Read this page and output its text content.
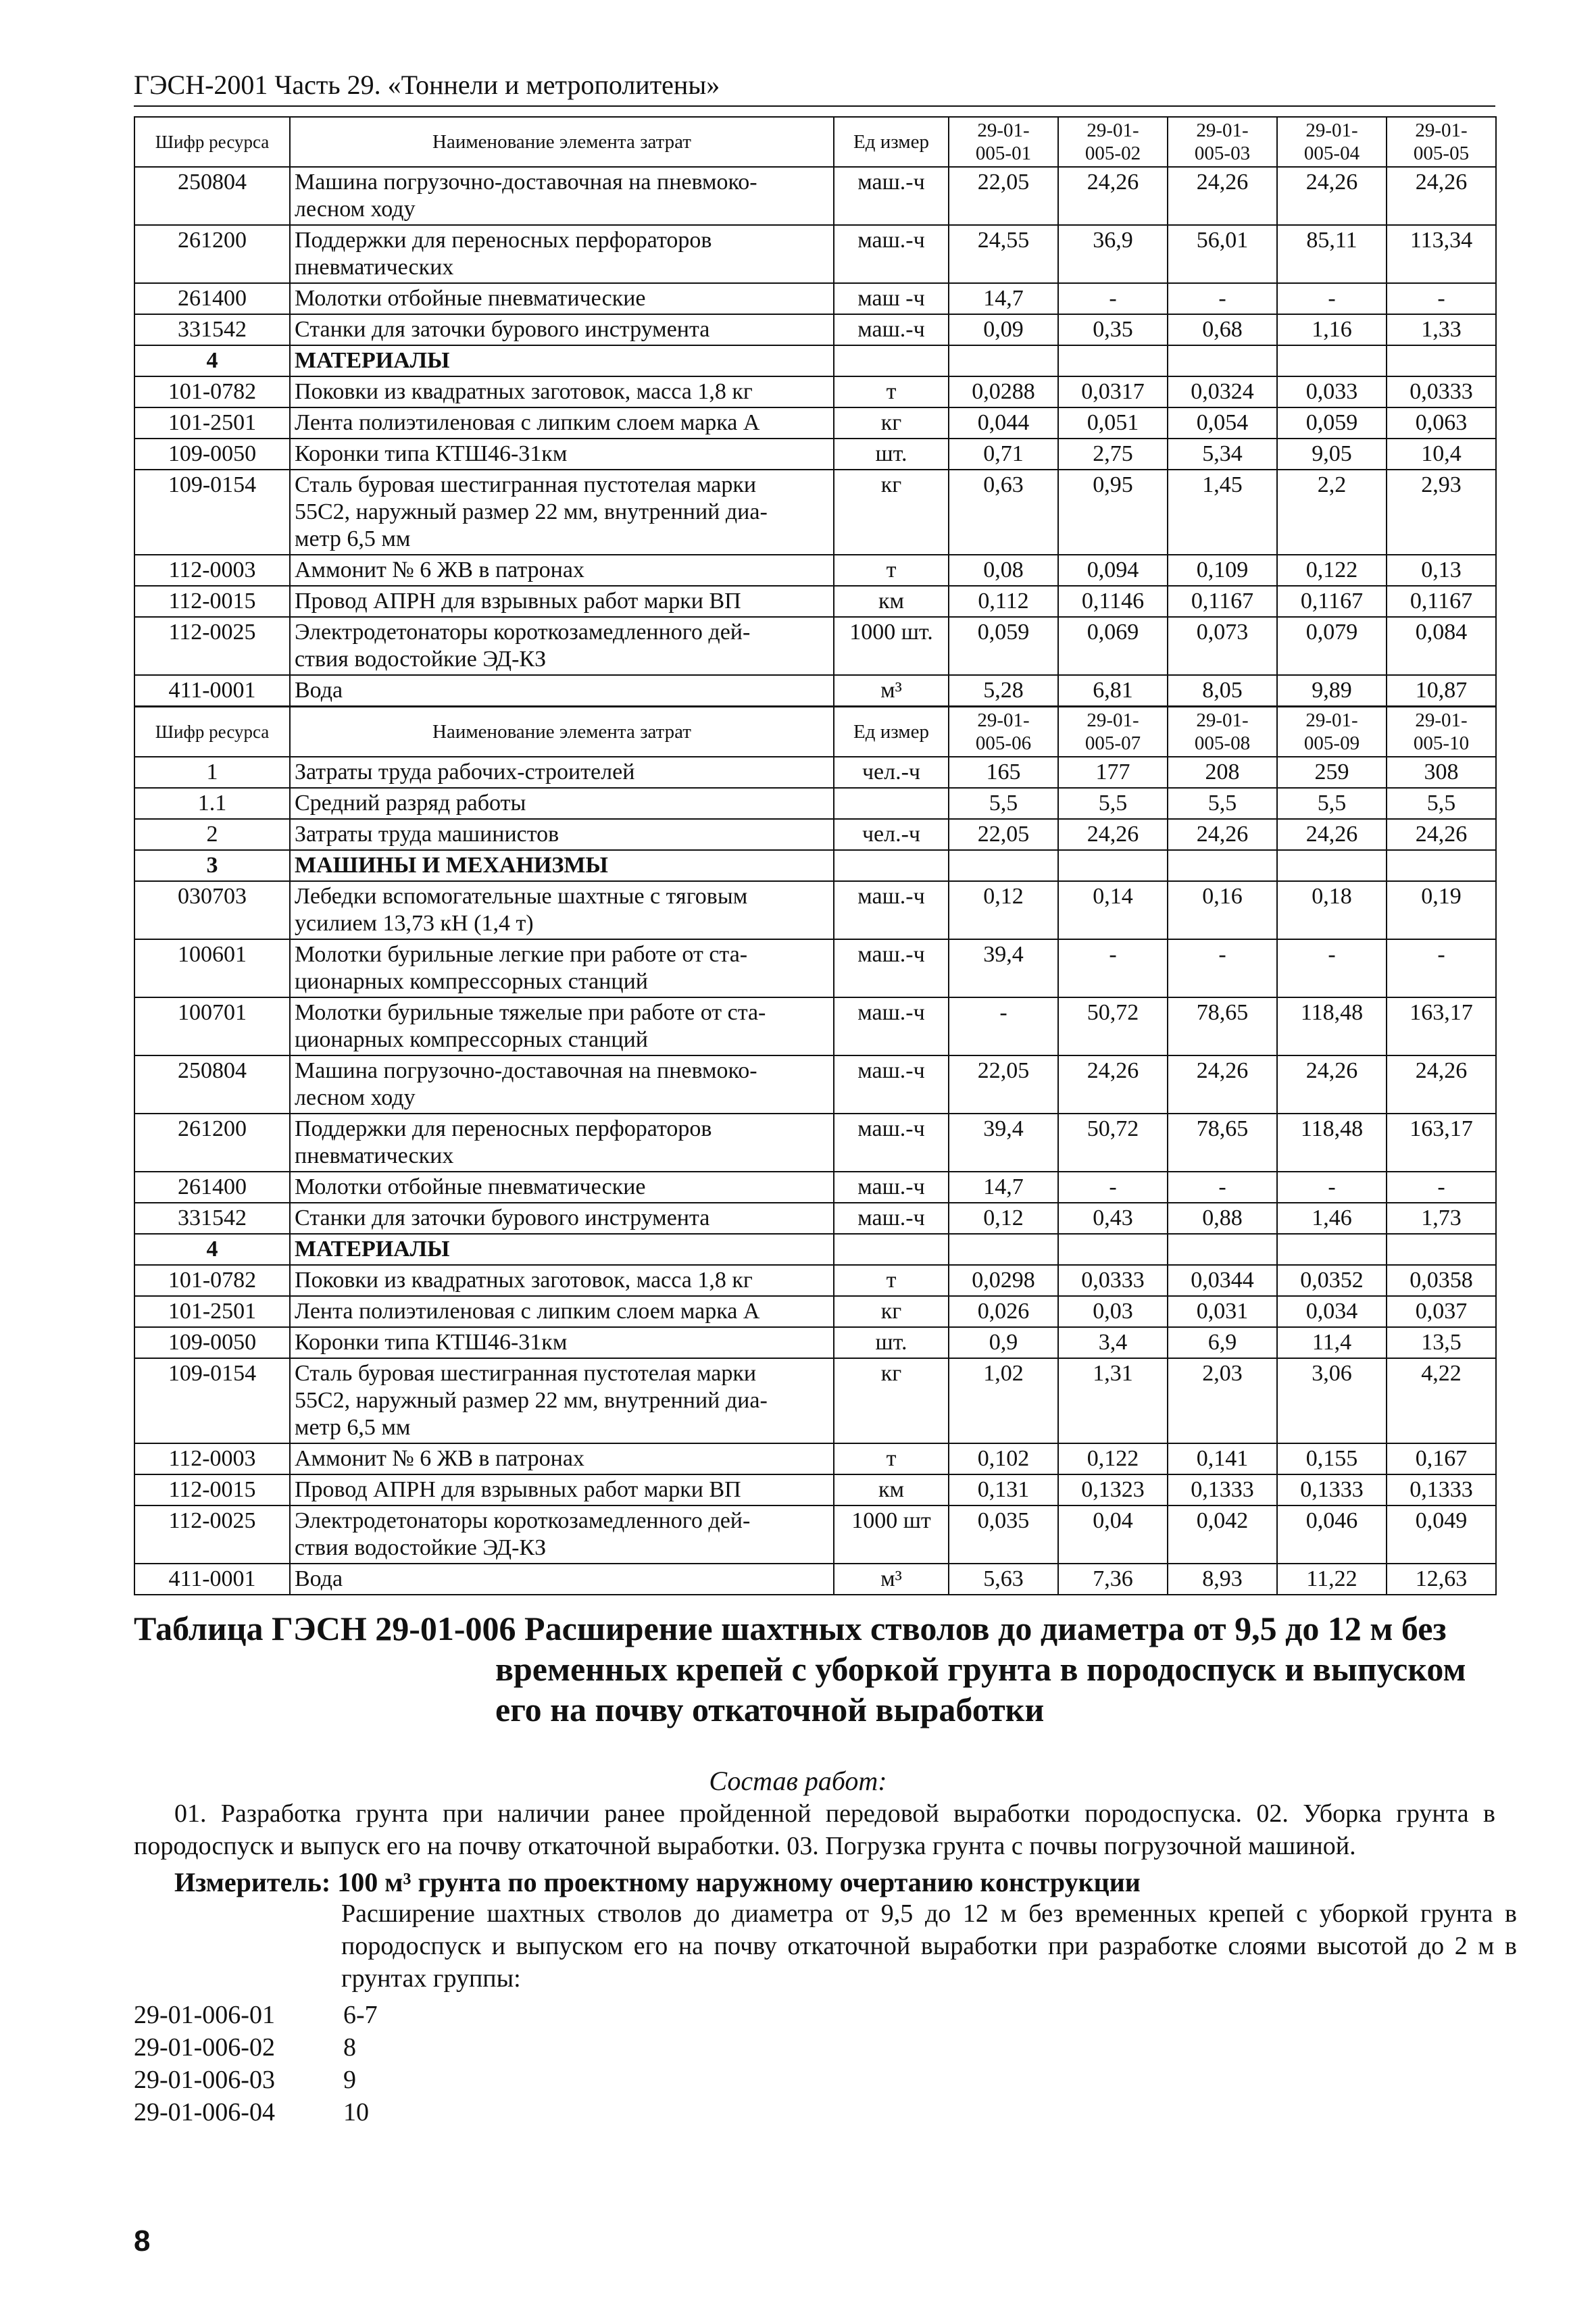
ГЭСН-2001 Часть 29. «Тоннели и метрополитены»
Шифр ресурса	Наименование элемента затрат	Ед измер	29-01-
005-01	29-01-
005-02	29-01-
005-03	29-01-
005-04	29-01-
005-05
250804	Машина погрузочно-доставочная на пневмоко-
лесном ходу	маш.-ч	22,05	24,26	24,26	24,26	24,26
261200	Поддержки для переносных перфораторов
пневматических	маш.-ч	24,55	36,9	56,01	85,11	113,34
261400	Молотки отбойные пневматические	маш -ч	14,7	-	-	-	-
331542	Станки для заточки бурового инструмента	маш.-ч	0,09	0,35	0,68	1,16	1,33
4	МАТЕРИАЛЫ						
101-0782	Поковки из квадратных заготовок, масса 1,8 кг	т	0,0288	0,0317	0,0324	0,033	0,0333
101-2501	Лента полиэтиленовая с липким слоем марка А	кг	0,044	0,051	0,054	0,059	0,063
109-0050	Коронки типа КТШ46-31км	шт.	0,71	2,75	5,34	9,05	10,4
109-0154	Сталь буровая шестигранная пустотелая марки
55С2, наружный размер 22 мм, внутренний диа-
метр 6,5 мм	кг	0,63	0,95	1,45	2,2	2,93
112-0003	Аммонит № 6 ЖВ в патронах	т	0,08	0,094	0,109	0,122	0,13
112-0015	Провод АПРН для взрывных работ марки ВП	км	0,112	0,1146	0,1167	0,1167	0,1167
112-0025	Электродетонаторы короткозамедленного дей-
ствия водостойкие ЭД-КЗ	1000 шт.	0,059	0,069	0,073	0,079	0,084
411-0001	Вода	м³	5,28	6,81	8,05	9,89	10,87
Шифр ресурса	Наименование элемента затрат	Ед измер	29-01-
005-06	29-01-
005-07	29-01-
005-08	29-01-
005-09	29-01-
005-10
1	Затраты труда рабочих-строителей	чел.-ч	165	177	208	259	308
1.1	Средний разряд работы		5,5	5,5	5,5	5,5	5,5
2	Затраты труда машинистов	чел.-ч	22,05	24,26	24,26	24,26	24,26
3	МАШИНЫ И МЕХАНИЗМЫ						
030703	Лебедки вспомогательные шахтные с тяговым
усилием 13,73 кН (1,4 т)	маш.-ч	0,12	0,14	0,16	0,18	0,19
100601	Молотки бурильные легкие при работе от ста-
ционарных компрессорных станций	маш.-ч	39,4	-	-	-	-
100701	Молотки бурильные тяжелые при работе от ста-
ционарных компрессорных станций	маш.-ч	-	50,72	78,65	118,48	163,17
250804	Машина погрузочно-доставочная на пневмоко-
лесном ходу	маш.-ч	22,05	24,26	24,26	24,26	24,26
261200	Поддержки для переносных перфораторов
пневматических	маш.-ч	39,4	50,72	78,65	118,48	163,17
261400	Молотки отбойные пневматические	маш.-ч	14,7	-	-	-	-
331542	Станки для заточки бурового инструмента	маш.-ч	0,12	0,43	0,88	1,46	1,73
4	МАТЕРИАЛЫ						
101-0782	Поковки из квадратных заготовок, масса 1,8 кг	т	0,0298	0,0333	0,0344	0,0352	0,0358
101-2501	Лента полиэтиленовая с липким слоем марка А	кг	0,026	0,03	0,031	0,034	0,037
109-0050	Коронки типа КТШ46-31км	шт.	0,9	3,4	6,9	11,4	13,5
109-0154	Сталь буровая шестигранная пустотелая марки
55С2, наружный размер 22 мм, внутренний диа-
метр 6,5 мм	кг	1,02	1,31	2,03	3,06	4,22
112-0003	Аммонит № 6 ЖВ в патронах	т	0,102	0,122	0,141	0,155	0,167
112-0015	Провод АПРН для взрывных работ марки ВП	км	0,131	0,1323	0,1333	0,1333	0,1333
112-0025	Электродетонаторы короткозамедленного дей-
ствия водостойкие ЭД-КЗ	1000 шт	0,035	0,04	0,042	0,046	0,049
411-0001	Вода	м³	5,63	7,36	8,93	11,22	12,63
Таблица ГЭСН 29-01-006 Расширение шахтных стволов до диаметра от 9,5 до 12 м без
временных крепей с уборкой грунта в породоспуск и выпуском
его на почву откаточной выработки
Состав работ:
01. Разработка грунта при наличии ранее пройденной передовой выработки породоспуска. 02. Уборка грунта в породоспуск и выпуск его на почву откаточной выработки. 03. Погрузка грунта с почвы погрузочной машиной.
Измеритель: 100 м³ грунта по проектному наружному очертанию конструкции
Расширение шахтных стволов до диаметра от 9,5 до 12 м без временных крепей с уборкой грунта в породоспуск и выпуском его на почву откаточной выработки при разработке слоями высотой до 2 м в грунтах группы:
29-01-006-01	6-7
29-01-006-02	8
29-01-006-03	9
29-01-006-04	10
8
